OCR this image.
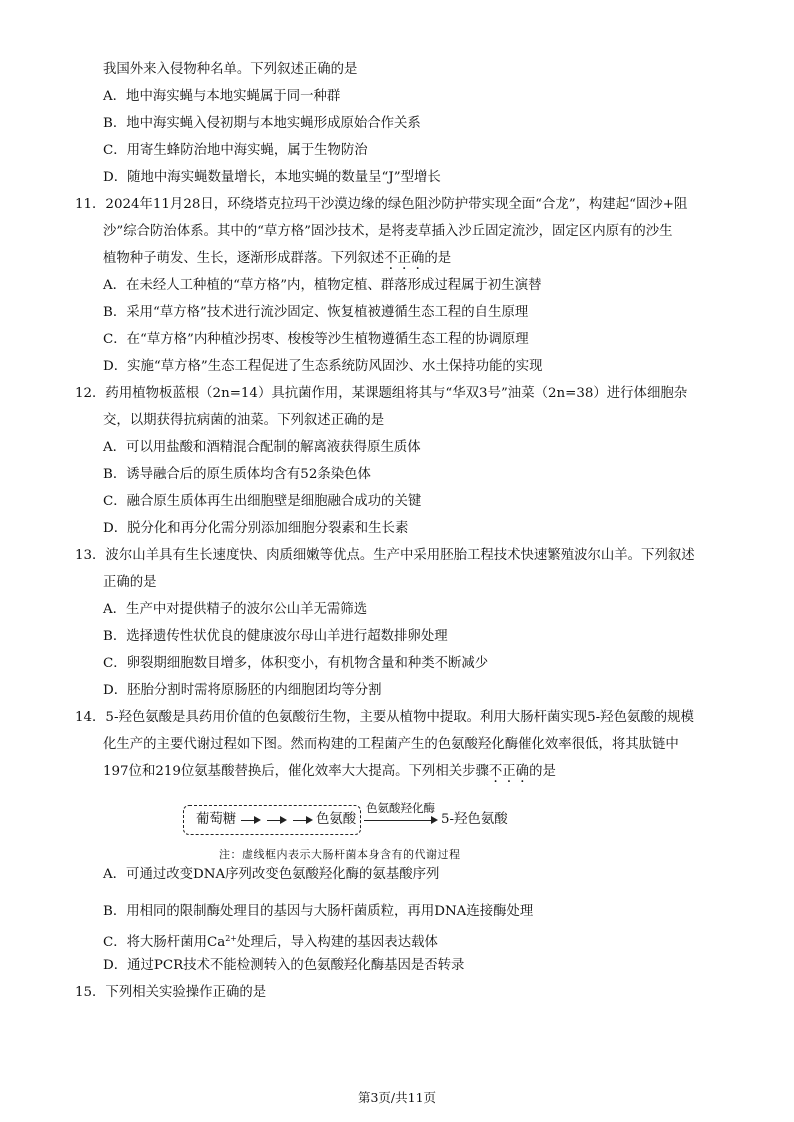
我国外来入侵物种名单。下列叙述正确的是
A．地中海实蝇与本地实蝇属于同一种群
B．地中海实蝇入侵初期与本地实蝇形成原始合作关系
C．用寄生蜂防治地中海实蝇，属于生物防治
D．随地中海实蝇数量增长，本地实蝇的数量呈“J”型增长
11．2024年11月28日，环绕塔克拉玛干沙漠边缘的绿色阻沙防护带实现全面“合龙”，构建起“固沙+阻
沙”综合防治体系。其中的“草方格”固沙技术，是将麦草插入沙丘固定流沙，固定区内原有的沙生
植物种子萌发、生长，逐渐形成群落。下列叙述不正确的是
A．在未经人工种植的“草方格”内，植物定植、群落形成过程属于初生演替
B．采用“草方格”技术进行流沙固定、恢复植被遵循生态工程的自生原理
C．在“草方格”内种植沙拐枣、梭梭等沙生植物遵循生态工程的协调原理
D．实施“草方格”生态工程促进了生态系统防风固沙、水土保持功能的实现
12．药用植物板蓝根（2n=14）具抗菌作用，某课题组将其与“华双3号”油菜（2n=38）进行体细胞杂
交，以期获得抗病菌的油菜。下列叙述正确的是
A．可以用盐酸和酒精混合配制的解离液获得原生质体
B．诱导融合后的原生质体均含有52条染色体
C．融合原生质体再生出细胞壁是细胞融合成功的关键
D．脱分化和再分化需分别添加细胞分裂素和生长素
13．波尔山羊具有生长速度快、肉质细嫩等优点。生产中采用胚胎工程技术快速繁殖波尔山羊。下列叙述
正确的是
A．生产中对提供精子的波尔公山羊无需筛选
B．选择遗传性状优良的健康波尔母山羊进行超数排卵处理
C．卵裂期细胞数目增多，体积变小，有机物含量和种类不断减少
D．胚胎分割时需将原肠胚的内细胞团均等分割
14．5-羟色氨酸是具药用价值的色氨酸衍生物，主要从植物中提取。利用大肠杆菌实现5-羟色氨酸的规模
化生产的主要代谢过程如下图。然而构建的工程菌产生的色氨酸羟化酶催化效率很低，将其肽链中
197位和219位氨基酸替换后，催化效率大大提高。下列相关步骤不正确的是
葡萄糖	色氨酸
色氨酸羟化酶
5-羟色氨酸
注：虚线框内表示大肠杆菌本身含有的代谢过程
A．可通过改变DNA序列改变色氨酸羟化酶的氨基酸序列
B．用相同的限制酶处理目的基因与大肠杆菌质粒，再用DNA连接酶处理
C．将大肠杆菌用$Ca^{2+}$处理后，导入构建的基因表达载体
D．通过PCR技术不能检测转入的色氨酸羟化酶基因是否转录
15．下列相关实验操作正确的是
第3页/共11页
